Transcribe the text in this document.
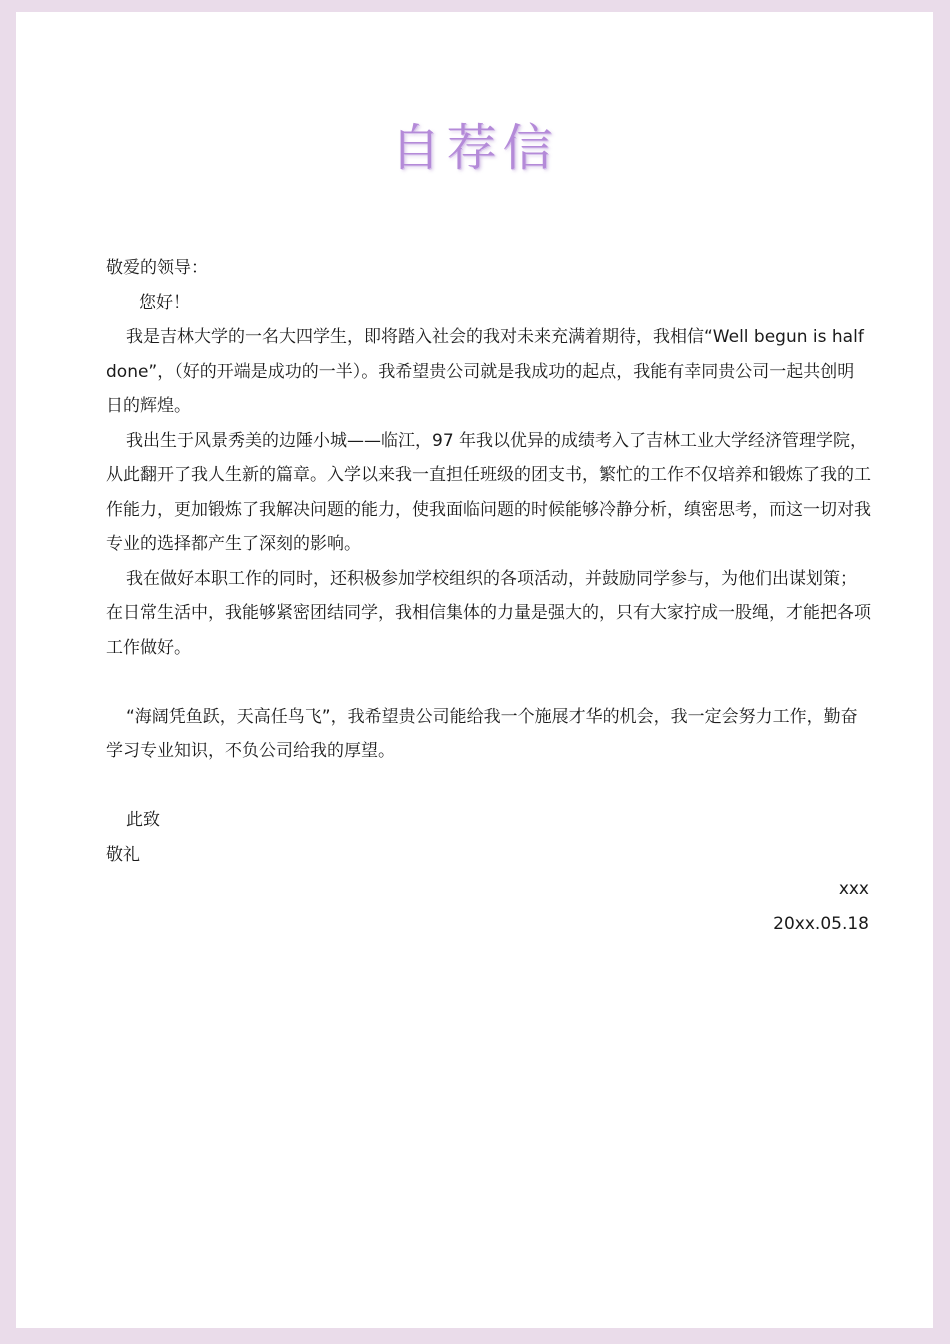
自荐信

敬爱的领导：

您好！

我是吉林大学的一名大四学生，即将踏入社会的我对未来充满着期待，我相信“Well begun is half done”，（好的开端是成功的一半）。我希望贵公司就是我成功的起点，我能有幸同贵公司一起共创明日的辉煌。

我出生于风景秀美的边陲小城——临江，97 年我以优异的成绩考入了吉林工业大学经济管理学院，从此翻开了我人生新的篇章。入学以来我一直担任班级的团支书，繁忙的工作不仅培养和锻炼了我的工作能力，更加锻炼了我解决问题的能力，使我面临问题的时候能够冷静分析，缜密思考，而这一切对我专业的选择都产生了深刻的影响。

我在做好本职工作的同时，还积极参加学校组织的各项活动，并鼓励同学参与，为他们出谋划策；在日常生活中，我能够紧密团结同学，我相信集体的力量是强大的，只有大家拧成一股绳，才能把各项工作做好。

“海阔凭鱼跃，天高任鸟飞”，我希望贵公司能给我一个施展才华的机会，我一定会努力工作，勤奋学习专业知识，不负公司给我的厚望。

此致

敬礼

xxx

20xx.05.18
